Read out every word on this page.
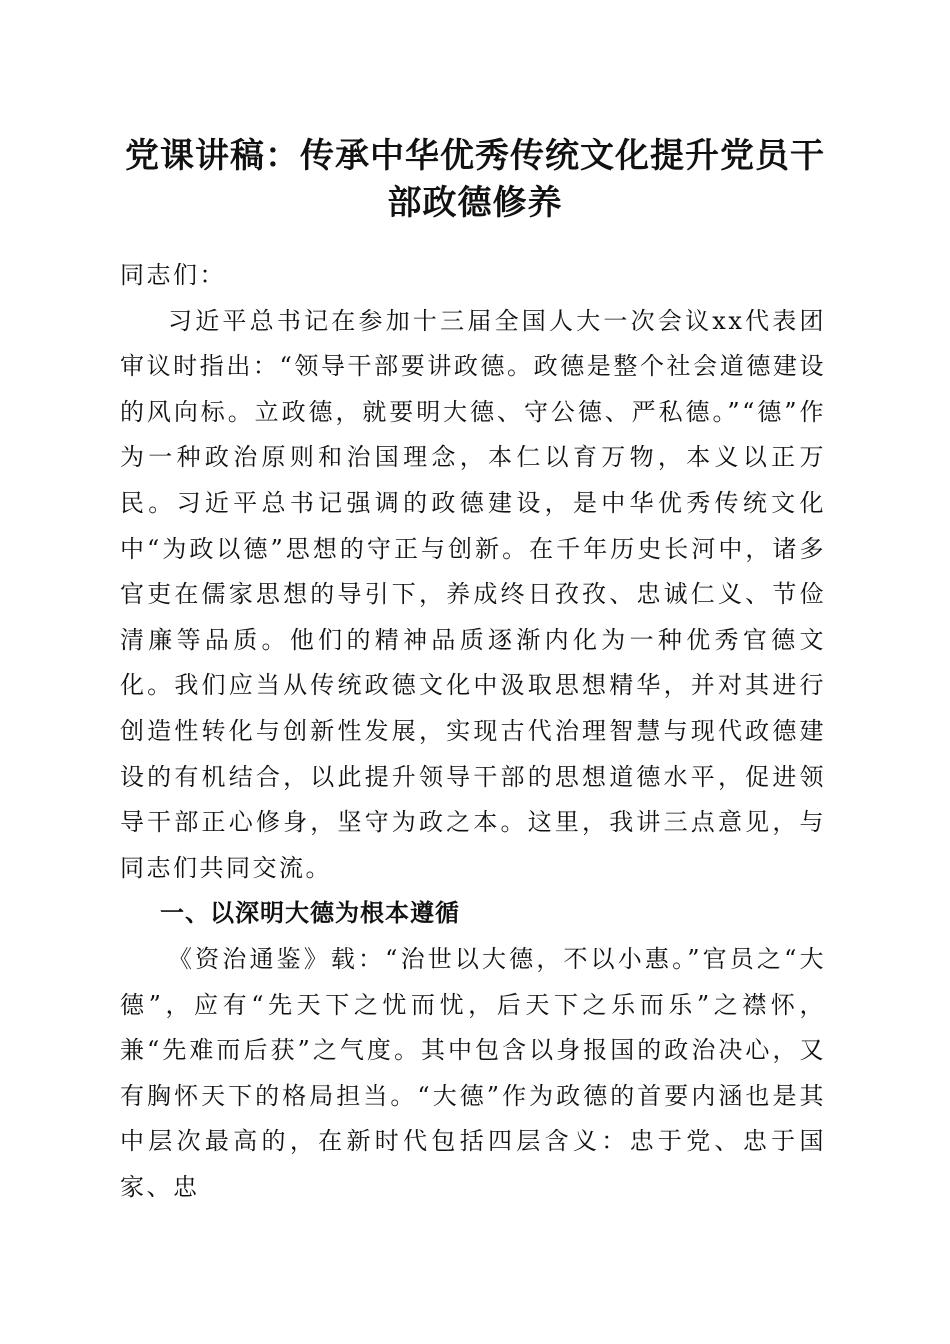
党课讲稿：传承中华优秀传统文化提升党员干
部政德修养

同志们：

习近平总书记在参加十三届全国人大一次会议xx代表团审议时指出：“领导干部要讲政德。政德是整个社会道德建设的风向标。立政德，就要明大德、守公德、严私德。”“德”作为一种政治原则和治国理念，本仁以育万物，本义以正万民。习近平总书记强调的政德建设，是中华优秀传统文化中“为政以德”思想的守正与创新。在千年历史长河中，诸多官吏在儒家思想的导引下，养成终日孜孜、忠诚仁义、节俭清廉等品质。他们的精神品质逐渐内化为一种优秀官德文化。我们应当从传统政德文化中汲取思想精华，并对其进行创造性转化与创新性发展，实现古代治理智慧与现代政德建设的有机结合，以此提升领导干部的思想道德水平，促进领导干部正心修身，坚守为政之本。这里，我讲三点意见，与同志们共同交流。

一、以深明大德为根本遵循

《资治通鉴》载：“治世以大德，不以小惠。”官员之“大德”，应有“先天下之忧而忧，后天下之乐而乐”之襟怀，兼“先难而后获”之气度。其中包含以身报国的政治决心，又有胸怀天下的格局担当。“大德”作为政德的首要内涵也是其中层次最高的，在新时代包括四层含义：忠于党、忠于国家、忠
